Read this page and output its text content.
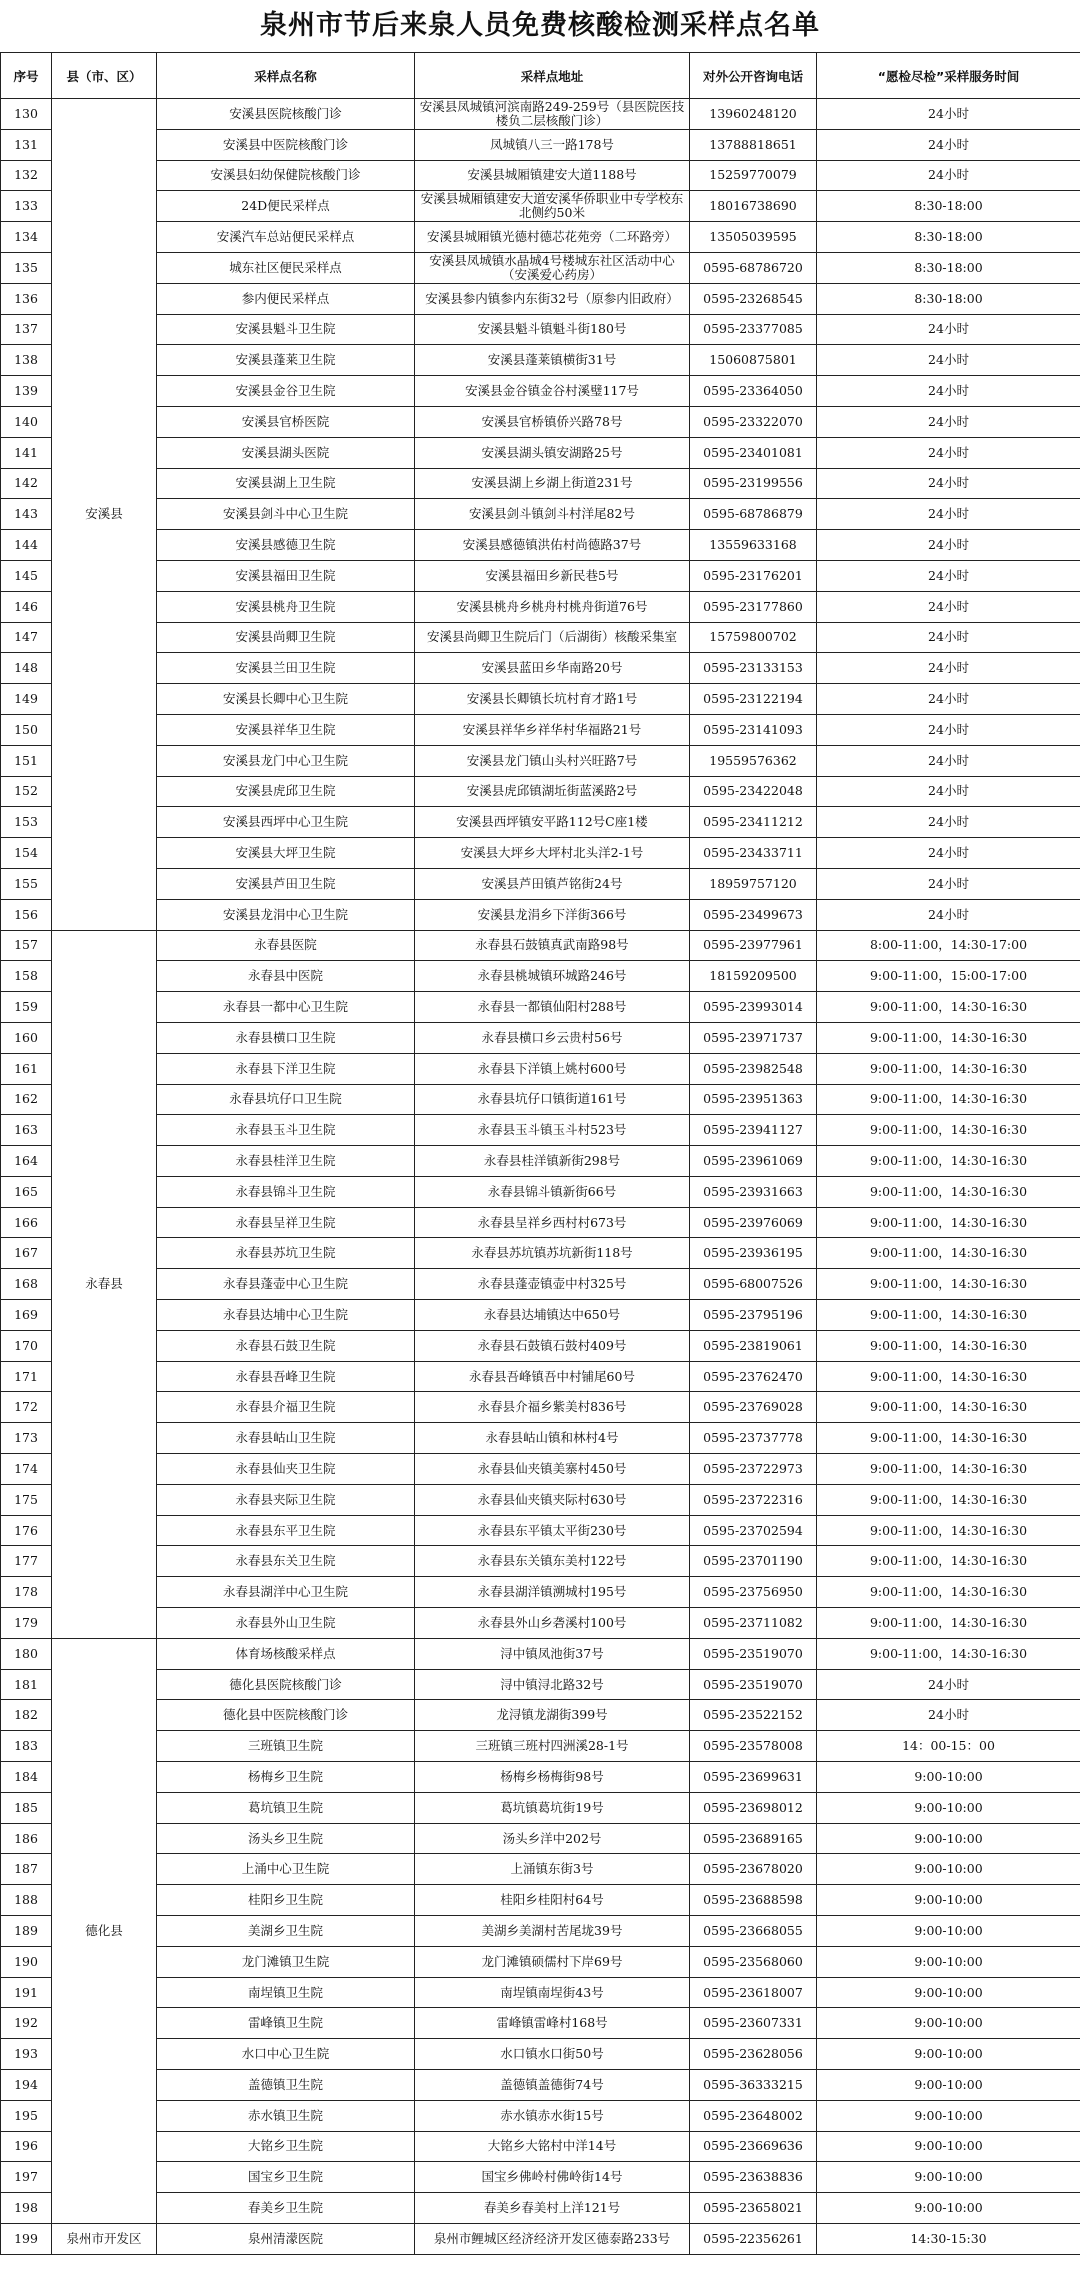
泉州市节后来泉人员免费核酸检测采样点名单
序号	县（市、区）	采样点名称	采样点地址	对外公开咨询电话	“愿检尽检”采样服务时间
130	安溪县	安溪县医院核酸门诊	安溪县凤城镇河滨南路249-259号（县医院医技楼负二层核酸门诊）	13960248120	24小时
131		安溪县中医院核酸门诊	凤城镇八三一路178号	13788818651	24小时
132		安溪县妇幼保健院核酸门诊	安溪县城厢镇建安大道1188号	15259770079	24小时
133		24D便民采样点	安溪县城厢镇建安大道安溪华侨职业中专学校东北侧约50米	18016738690	8:30-18:00
134		安溪汽车总站便民采样点	安溪县城厢镇光德村德芯花苑旁（二环路旁）	13505039595	8:30-18:00
135		城东社区便民采样点	安溪县凤城镇水晶城4号楼城东社区活动中心（安溪爱心药房）	0595-68786720	8:30-18:00
136		参内便民采样点	安溪县参内镇参内东街32号（原参内旧政府）	0595-23268545	8:30-18:00
137		安溪县魁斗卫生院	安溪县魁斗镇魁斗街180号	0595-23377085	24小时
138		安溪县蓬莱卫生院	安溪县蓬莱镇横街31号	15060875801	24小时
139		安溪县金谷卫生院	安溪县金谷镇金谷村溪璧117号	0595-23364050	24小时
140		安溪县官桥医院	安溪县官桥镇侨兴路78号	0595-23322070	24小时
141		安溪县湖头医院	安溪县湖头镇安湖路25号	0595-23401081	24小时
142		安溪县湖上卫生院	安溪县湖上乡湖上街道231号	0595-23199556	24小时
143		安溪县剑斗中心卫生院	安溪县剑斗镇剑斗村洋尾82号	0595-68786879	24小时
144		安溪县感德卫生院	安溪县感德镇洪佑村尚德路37号	13559633168	24小时
145		安溪县福田卫生院	安溪县福田乡新民巷5号	0595-23176201	24小时
146		安溪县桃舟卫生院	安溪县桃舟乡桃舟村桃舟街道76号	0595-23177860	24小时
147		安溪县尚卿卫生院	安溪县尚卿卫生院后门（后湖街）核酸采集室	15759800702	24小时
148		安溪县兰田卫生院	安溪县蓝田乡华南路20号	0595-23133153	24小时
149		安溪县长卿中心卫生院	安溪县长卿镇长坑村育才路1号	0595-23122194	24小时
150		安溪县祥华卫生院	安溪县祥华乡祥华村华福路21号	0595-23141093	24小时
151		安溪县龙门中心卫生院	安溪县龙门镇山头村兴旺路7号	19559576362	24小时
152		安溪县虎邱卫生院	安溪县虎邱镇湖坵街蓝溪路2号	0595-23422048	24小时
153		安溪县西坪中心卫生院	安溪县西坪镇安平路112号C座1楼	0595-23411212	24小时
154		安溪县大坪卫生院	安溪县大坪乡大坪村北头洋2-1号	0595-23433711	24小时
155		安溪县芦田卫生院	安溪县芦田镇芦铭街24号	18959757120	24小时
156		安溪县龙涓中心卫生院	安溪县龙涓乡下洋街366号	0595-23499673	24小时
157	永春县	永春县医院	永春县石鼓镇真武南路98号	0595-23977961	8:00-11:00，14:30-17:00
158		永春县中医院	永春县桃城镇环城路246号	18159209500	9:00-11:00，15:00-17:00
159		永春县一都中心卫生院	永春县一都镇仙阳村288号	0595-23993014	9:00-11:00，14:30-16:30
160		永春县横口卫生院	永春县横口乡云贵村56号	0595-23971737	9:00-11:00，14:30-16:30
161		永春县下洋卫生院	永春县下洋镇上姚村600号	0595-23982548	9:00-11:00，14:30-16:30
162		永春县坑仔口卫生院	永春县坑仔口镇街道161号	0595-23951363	9:00-11:00，14:30-16:30
163		永春县玉斗卫生院	永春县玉斗镇玉斗村523号	0595-23941127	9:00-11:00，14:30-16:30
164		永春县桂洋卫生院	永春县桂洋镇新街298号	0595-23961069	9:00-11:00，14:30-16:30
165		永春县锦斗卫生院	永春县锦斗镇新街66号	0595-23931663	9:00-11:00，14:30-16:30
166		永春县呈祥卫生院	永春县呈祥乡西村村673号	0595-23976069	9:00-11:00，14:30-16:30
167		永春县苏坑卫生院	永春县苏坑镇苏坑新街118号	0595-23936195	9:00-11:00，14:30-16:30
168		永春县蓬壶中心卫生院	永春县蓬壶镇壶中村325号	0595-68007526	9:00-11:00，14:30-16:30
169		永春县达埔中心卫生院	永春县达埔镇达中650号	0595-23795196	9:00-11:00，14:30-16:30
170		永春县石鼓卫生院	永春县石鼓镇石鼓村409号	0595-23819061	9:00-11:00，14:30-16:30
171		永春县吾峰卫生院	永春县吾峰镇吾中村铺尾60号	0595-23762470	9:00-11:00，14:30-16:30
172		永春县介福卫生院	永春县介福乡紫美村836号	0595-23769028	9:00-11:00，14:30-16:30
173		永春县岵山卫生院	永春县岵山镇和林村4号	0595-23737778	9:00-11:00，14:30-16:30
174		永春县仙夹卫生院	永春县仙夹镇美寨村450号	0595-23722973	9:00-11:00，14:30-16:30
175		永春县夹际卫生院	永春县仙夹镇夹际村630号	0595-23722316	9:00-11:00，14:30-16:30
176		永春县东平卫生院	永春县东平镇太平街230号	0595-23702594	9:00-11:00，14:30-16:30
177		永春县东关卫生院	永春县东关镇东美村122号	0595-23701190	9:00-11:00，14:30-16:30
178		永春县湖洋中心卫生院	永春县湖洋镇溯城村195号	0595-23756950	9:00-11:00，14:30-16:30
179		永春县外山卫生院	永春县外山乡砻溪村100号	0595-23711082	9:00-11:00，14:30-16:30
180	德化县	体育场核酸采样点	浔中镇凤池街37号	0595-23519070	9:00-11:00，14:30-16:30
181		德化县医院核酸门诊	浔中镇浔北路32号	0595-23519070	24小时
182		德化县中医院核酸门诊	龙浔镇龙湖街399号	0595-23522152	24小时
183		三班镇卫生院	三班镇三班村四洲溪28-1号	0595-23578008	14：00-15：00
184		杨梅乡卫生院	杨梅乡杨梅街98号	0595-23699631	9:00-10:00
185		葛坑镇卫生院	葛坑镇葛坑街19号	0595-23698012	9:00-10:00
186		汤头乡卫生院	汤头乡洋中202号	0595-23689165	9:00-10:00
187		上涌中心卫生院	上涌镇东街3号	0595-23678020	9:00-10:00
188		桂阳乡卫生院	桂阳乡桂阳村64号	0595-23688598	9:00-10:00
189		美湖乡卫生院	美湖乡美湖村苦尾垅39号	0595-23668055	9:00-10:00
190		龙门滩镇卫生院	龙门滩镇硕儒村下岸69号	0595-23568060	9:00-10:00
191		南埕镇卫生院	南埕镇南埕街43号	0595-23618007	9:00-10:00
192		雷峰镇卫生院	雷峰镇雷峰村168号	0595-23607331	9:00-10:00
193		水口中心卫生院	水口镇水口街50号	0595-23628056	9:00-10:00
194		盖德镇卫生院	盖德镇盖德街74号	0595-36333215	9:00-10:00
195		赤水镇卫生院	赤水镇赤水街15号	0595-23648002	9:00-10:00
196		大铭乡卫生院	大铭乡大铭村中洋14号	0595-23669636	9:00-10:00
197		国宝乡卫生院	国宝乡佛岭村佛岭街14号	0595-23638836	9:00-10:00
198		春美乡卫生院	春美乡春美村上洋121号	0595-23658021	9:00-10:00
199	泉州市开发区	泉州清濛医院	泉州市鲤城区经济经济开发区德泰路233号	0595-22356261	14:30-15:30
